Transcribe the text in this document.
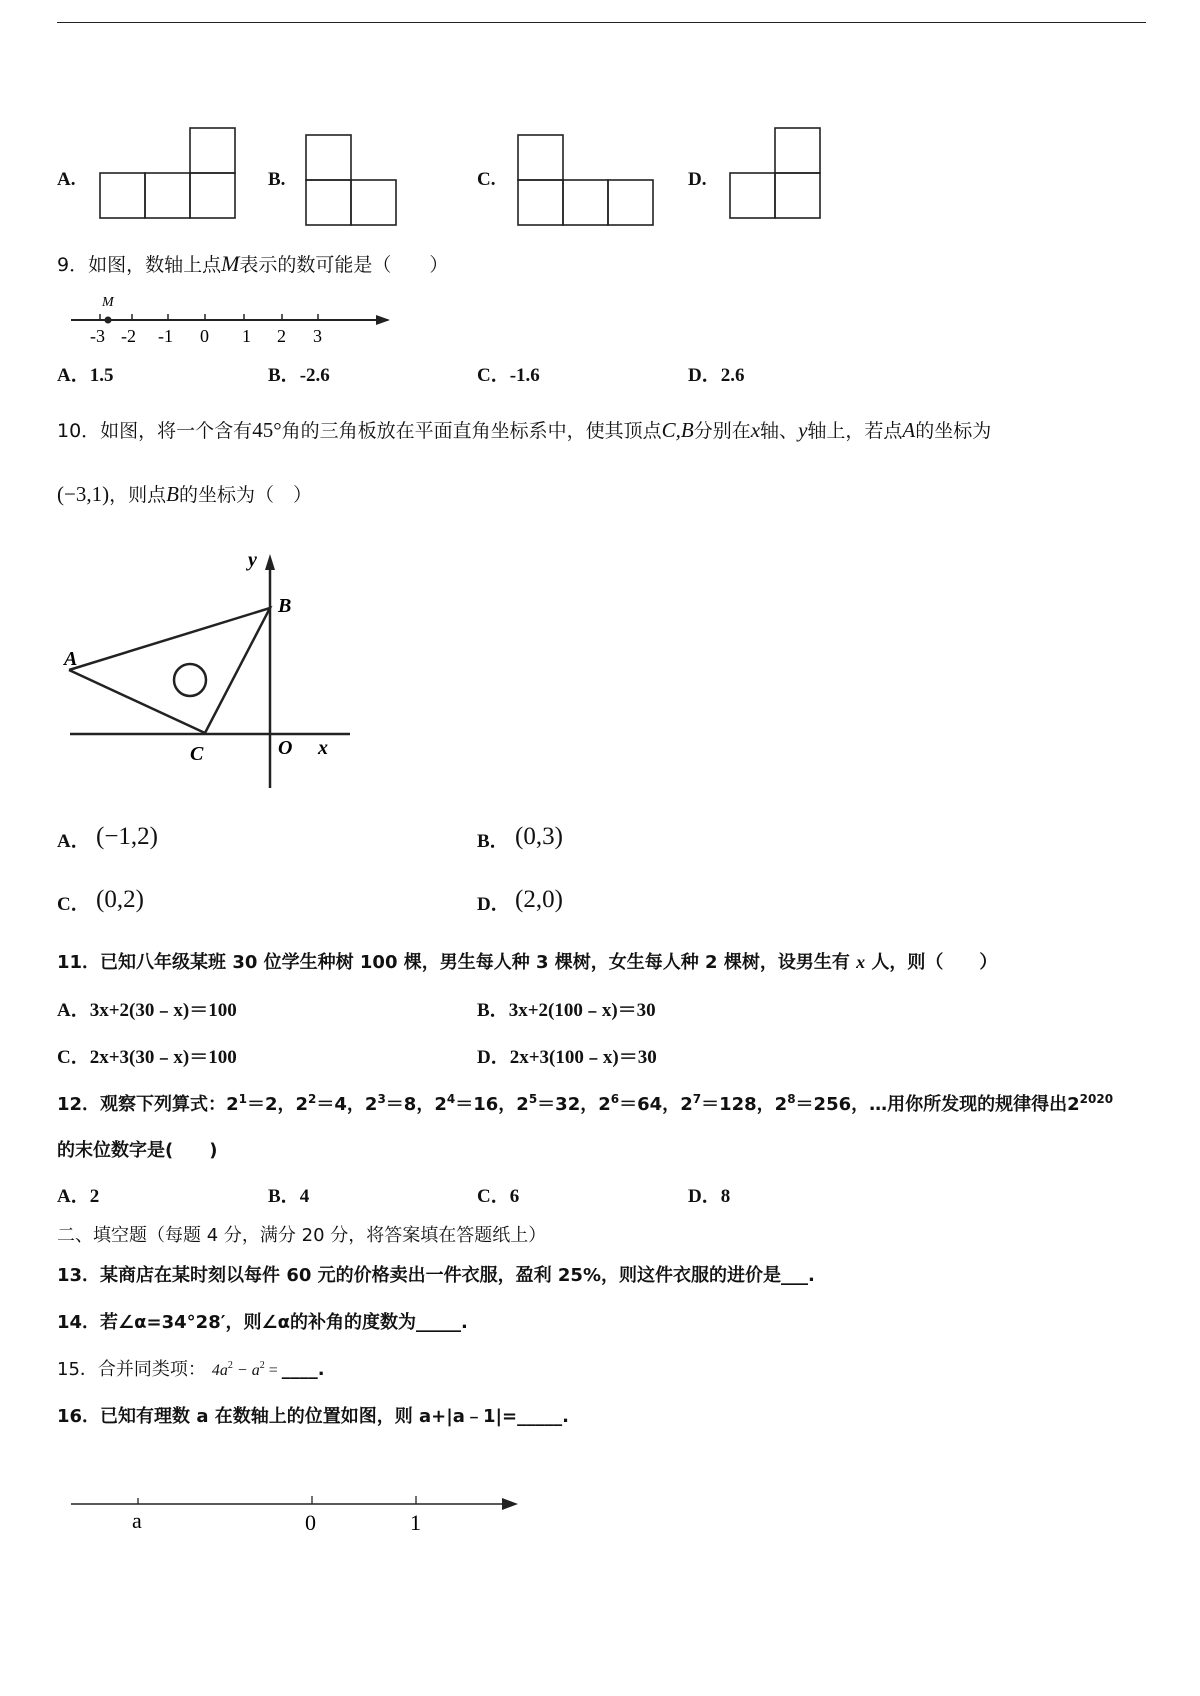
A.	B.	C.	D.
9．如图，数轴上点M表示的数可能是（　　）
M
-3 -2 -1 0 1 2 3
A．1.5	B．-2.6	C．-1.6	D．2.6
10．如图，将一个含有45°角的三角板放在平面直角坐标系中，使其顶点C,B分别在x轴、y轴上，若点A的坐标为
(−3,1)，则点B的坐标为（　）
y
B
A
C	O x
A． (−1,2)	B． (0,3)
C． (0,2)	D． (2,0)
11．已知八年级某班 30 位学生种树 100 棵，男生每人种 3 棵树，女生每人种 2 棵树，设男生有 x 人，则（　　）
A．3x+2(30﹣x)＝100	B．3x+2(100﹣x)＝30
C．2x+3(30﹣x)＝100	D．2x+3(100﹣x)＝30
12．观察下列算式：$2^1=2$，$2^2=4$，$2^3=8$，$2^4=16$，$2^5=32$，$2^6=64$，$2^7=128$，$2^8=256$，…用你所发现的规律得出$2^{2020}$
的末位数字是(　　)
A．2	B．4	C．6	D．8
二、填空题（每题 4 分，满分 20 分，将答案填在答题纸上）
13．某商店在某时刻以每件 60 元的价格卖出一件衣服，盈利 25%，则这件衣服的进价是___.
14．若∠α=34°28′，则∠α的补角的度数为_____.
15．合并同类项： $4a^2 - a^2$ = ____.
16．已知有理数 a 在数轴上的位置如图，则 a+|a﹣1|=_____.
a	0	1
